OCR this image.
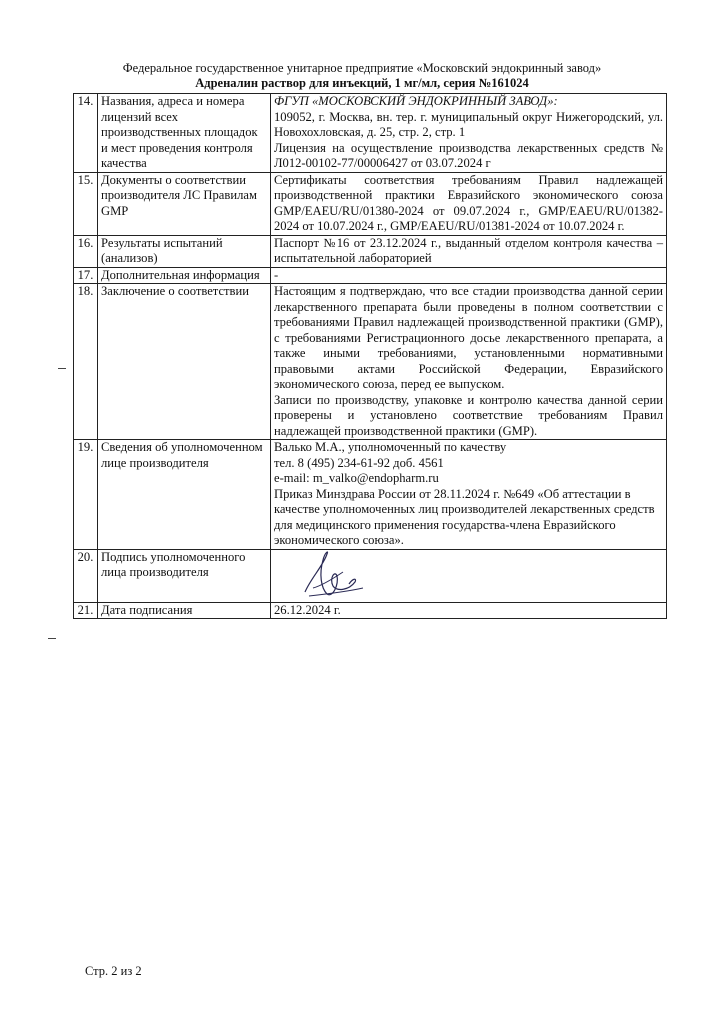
Федеральное государственное унитарное предприятие «Московский эндокринный завод»
Адреналин раствор для инъекций, 1 мг/мл, серия №161024
14.	Названия, адреса и номера лицензий всех производственных площадок и мест проведения контроля качества	ФГУП «МОСКОВСКИЙ ЭНДОКРИННЫЙ ЗАВОД»:
109052, г. Москва, вн. тер. г. муниципальный округ Нижегородский, ул. Новохохловская, д. 25, стр. 2, стр. 1
Лицензия на осуществление производства лекарственных средств № Л012-00102-77/00006427 от 03.07.2024 г

15.	Документы о соответствии производителя ЛС Правилам GMP	Сертификаты соответствия требованиям Правил надлежащей производственной практики Евразийского экономического союза GMP/EAEU/RU/01380-2024 от 09.07.2024 г., GMP/EAEU/RU/01382-2024 от 10.07.2024 г., GMP/EAEU/RU/01381-2024 от 10.07.2024 г.
16.	Результаты испытаний (анализов)	Паспорт №16 от 23.12.2024 г., выданный отделом контроля качества – испытательной лабораторией
17.	Дополнительная информация	-
18.	Заключение о соответствии	Настоящим я подтверждаю, что все стадии производства данной серии лекарственного препарата были проведены в полном соответствии с требованиями Правил надлежащей производственной практики (GMP), с требованиями Регистрационного досье лекарственного препарата, а также иными требованиями, установленными нормативными правовыми актами Российской Федерации, Евразийского экономического союза, перед ее выпуском.
Записи по производству, упаковке и контролю качества данной серии проверены и установлено соответствие требованиям Правил надлежащей производственной практики (GMP).

19.	Сведения об уполномоченном лице производителя	Валько М.А., уполномоченный по качеству
тел. 8 (495) 234-61-92 доб. 4561
e-mail: m_valko@endopharm.ru
Приказ Минздрава России от 28.11.2024 г. №649 «Об аттестации в качестве уполномоченных лиц производителей лекарственных средств для медицинского применения государства-члена Евразийского экономического союза».

20.	Подпись уполномоченного лица производителя	

21.	Дата подписания	26.12.2024 г.
Стр. 2 из 2
